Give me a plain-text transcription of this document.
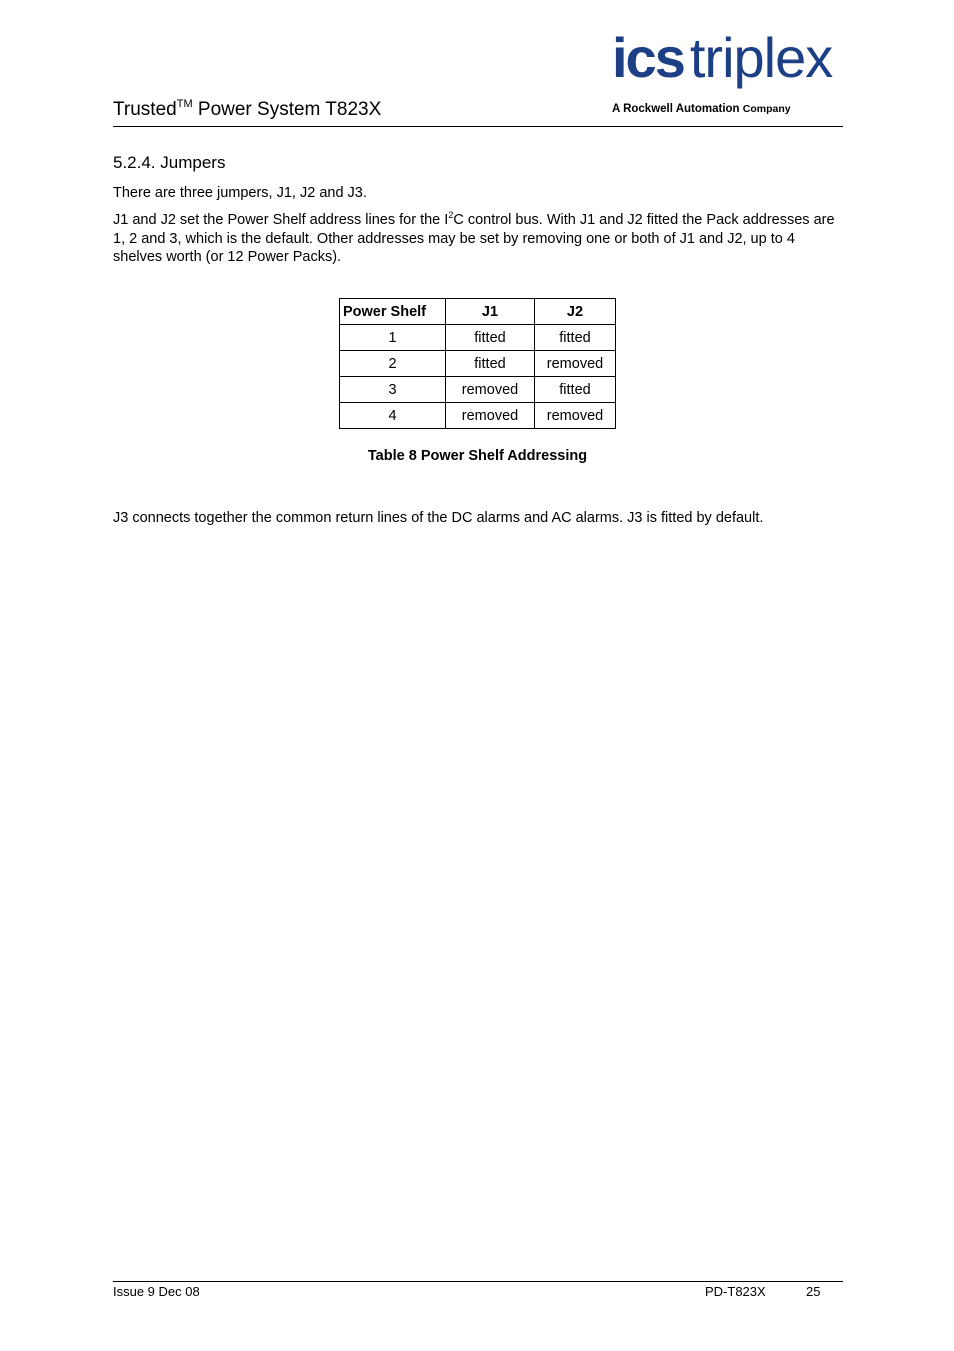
ics triplex
A Rockwell Automation Company
Trusted™ Power System T823X
5.2.4. Jumpers
There are three jumpers, J1, J2 and J3.
J1 and J2 set the Power Shelf address lines for the $I^2C$ control bus. With J1 and J2 fitted the Pack addresses are 1, 2 and 3, which is the default. Other addresses may be set by removing one or both of J1 and J2, up to 4 shelves worth (or 12 Power Packs).
Power Shelf	J1	J2
1	fitted	fitted
2	fitted	removed
3	removed	fitted
4	removed	removed
Table 8 Power Shelf Addressing
J3 connects together the common return lines of the DC alarms and AC alarms. J3 is fitted by default.
Issue 9 Dec 08	PD-T823X	25
